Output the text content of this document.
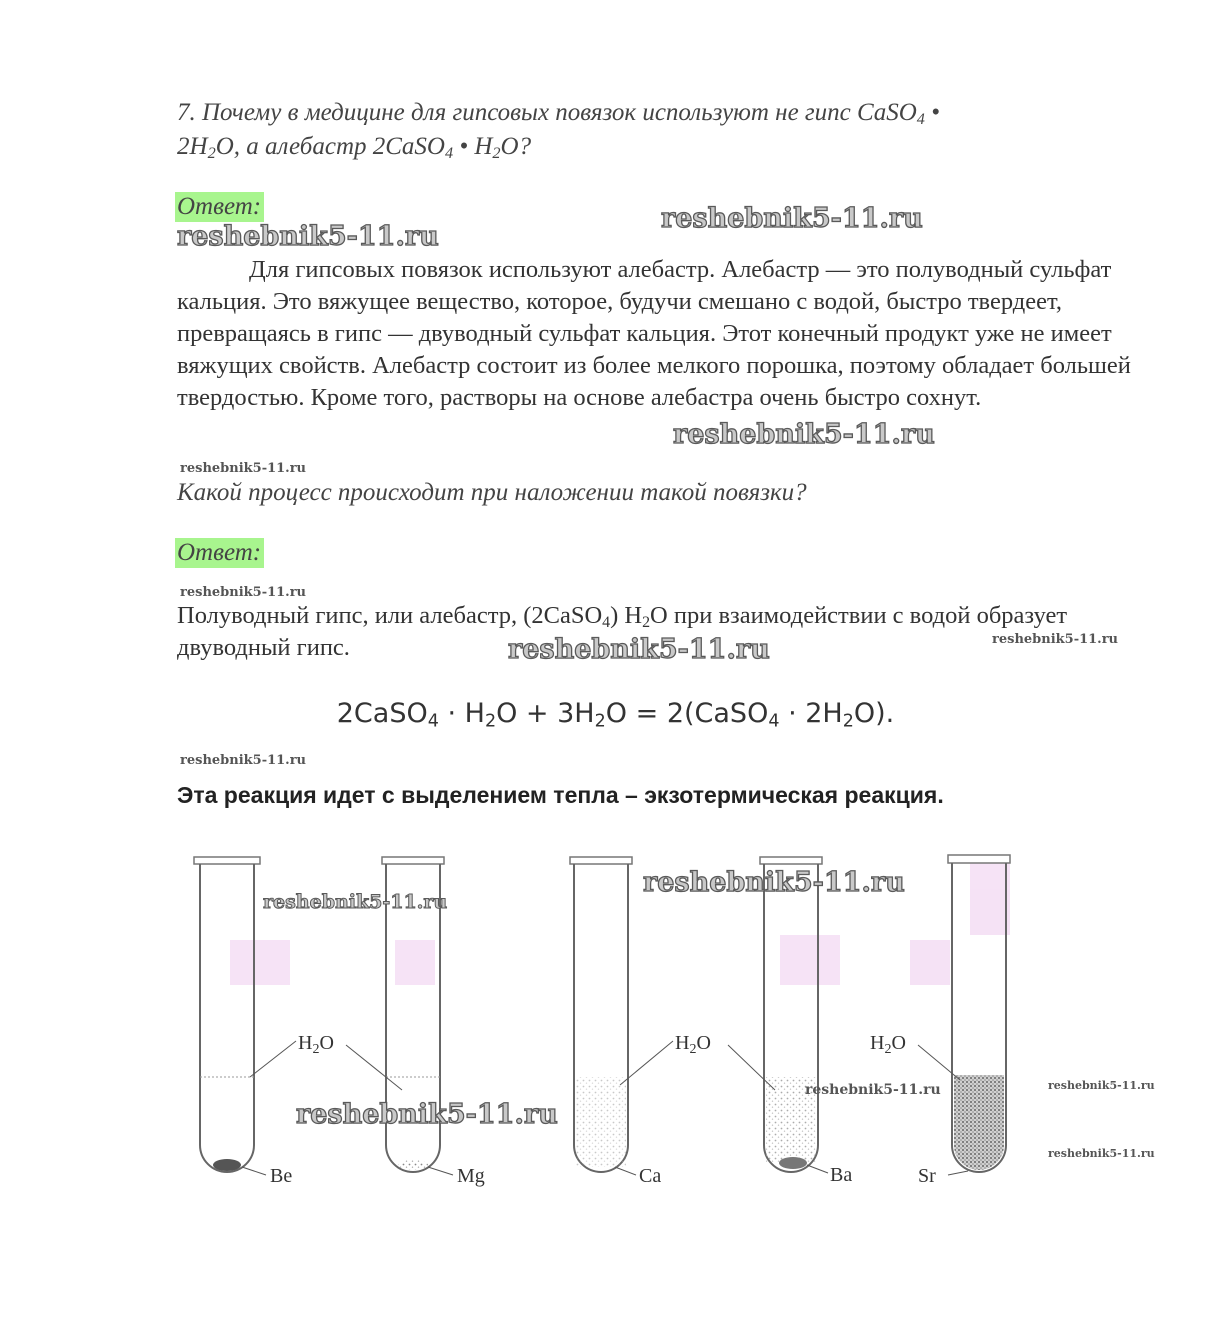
7. Почему в медицине для гипсовых повязок используют не гипс CaSO$_4$ •
$2H_2O$, а алебастр 2CaSO$_4$ • $H_2O$?
Ответ:
reshebnik5-11.ru
reshebnik5-11.ru

Для гипсовых повязок используют алебастр. Алебастр — это полуводный сульфат кальция. Это вяжущее вещество, которое, будучи смешано с водой, быстро твердеет, превращаясь в гипс — двуводный сульфат кальция. Этот конечный продукт уже не имеет вяжущих свойств. Алебастр состоит из более мелкого порошка, поэтому обладает большей твердостью. Кроме того, растворы на основе алебастра очень быстро сохнут.

reshebnik5-11.ru
reshebnik5-11.ru
Какой процесс происходит при наложении такой повязки?
Ответ:
reshebnik5-11.ru
Полуводный гипс, или алебастр, (2CaSO$_4$) $H_2O$ при взаимодействии с водой образует двуводный гипс.	reshebnik5-11.ru	reshebnik5-11.ru
2CaSO$_4$ · $H_2O + 3H_2O$ = 2(CaSO$_4$ · $2H_2O$).
reshebnik5-11.ru
Эта реакция идет с выделением тепла – экзотермическая реакция.
$H_2O$	$H_2O$	$H_2O$
Be	Mg	Ca	Ba	Sr
reshebnik5-11.ru
reshebnik5-11.ru
reshebnik5-11.ru
reshebnik5-11.ru	reshebnik5-11.ru
reshebnik5-11.ru
